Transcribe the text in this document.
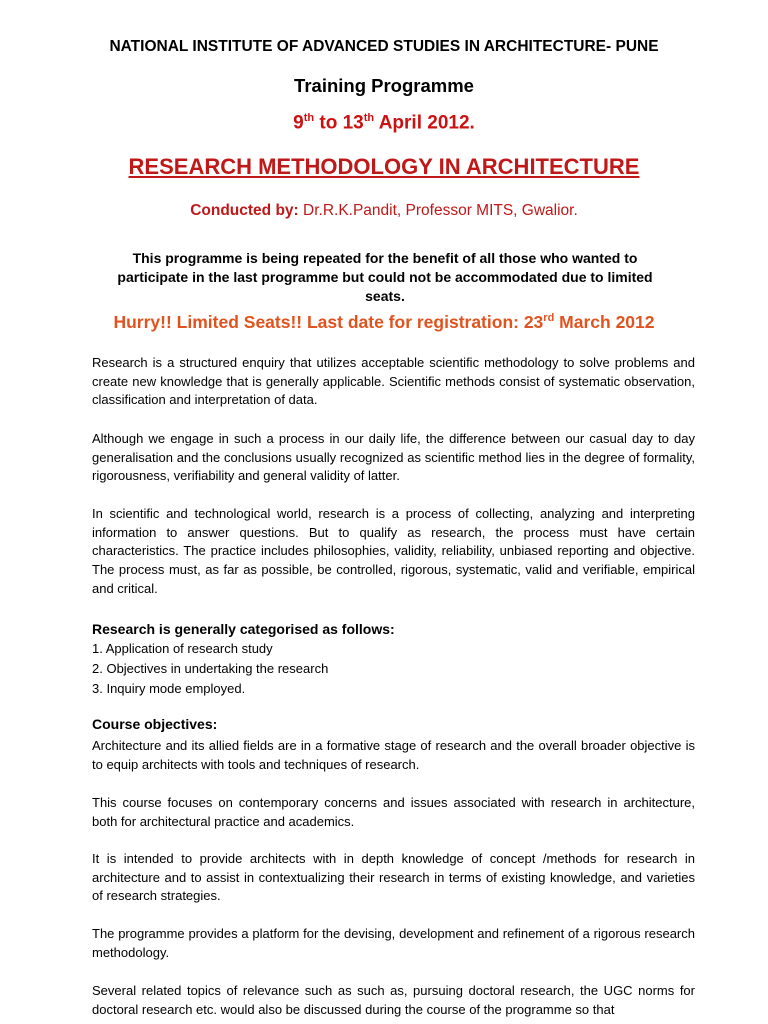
NATIONAL INSTITUTE OF ADVANCED STUDIES IN ARCHITECTURE- PUNE
Training Programme
9th to 13th April 2012.
RESEARCH METHODOLOGY IN ARCHITECTURE
Conducted by: Dr.R.K.Pandit, Professor MITS, Gwalior.
This programme is being repeated for the benefit of all those who wanted to participate in the last programme but could not be accommodated due to limited seats.
Hurry!! Limited Seats!! Last date for registration: 23rd March 2012

Research is a structured enquiry that utilizes acceptable scientific methodology to solve problems and create new knowledge that is generally applicable. Scientific methods consist of systematic observation, classification and interpretation of data.

Although we engage in such a process in our daily life, the difference between our casual day to day generalisation and the conclusions usually recognized as scientific method lies in the degree of formality, rigorousness, verifiability and general validity of latter.

In scientific and technological world, research is a process of collecting, analyzing and interpreting information to answer questions. But to qualify as research, the process must have certain characteristics. The practice includes philosophies, validity, reliability, unbiased reporting and objective. The process must, as far as possible, be controlled, rigorous, systematic, valid and verifiable, empirical and critical.

Research is generally categorised as follows:
1. Application of research study
2. Objectives in undertaking the research
3. Inquiry mode employed.
Course objectives:

Architecture and its allied fields are in a formative stage of research and the overall broader objective is to equip architects with tools and techniques of research.

This course focuses on contemporary concerns and issues associated with research in architecture, both for architectural practice and academics.

It is intended to provide architects with in depth knowledge of concept /methods for research in architecture and to assist in contextualizing their research in terms of existing knowledge, and varieties of research strategies.

The programme provides a platform for the devising, development and refinement of a rigorous research methodology.

Several related topics of relevance such as such as, pursuing doctoral research, the UGC norms for doctoral research etc. would also be discussed during the course of the programme so that
